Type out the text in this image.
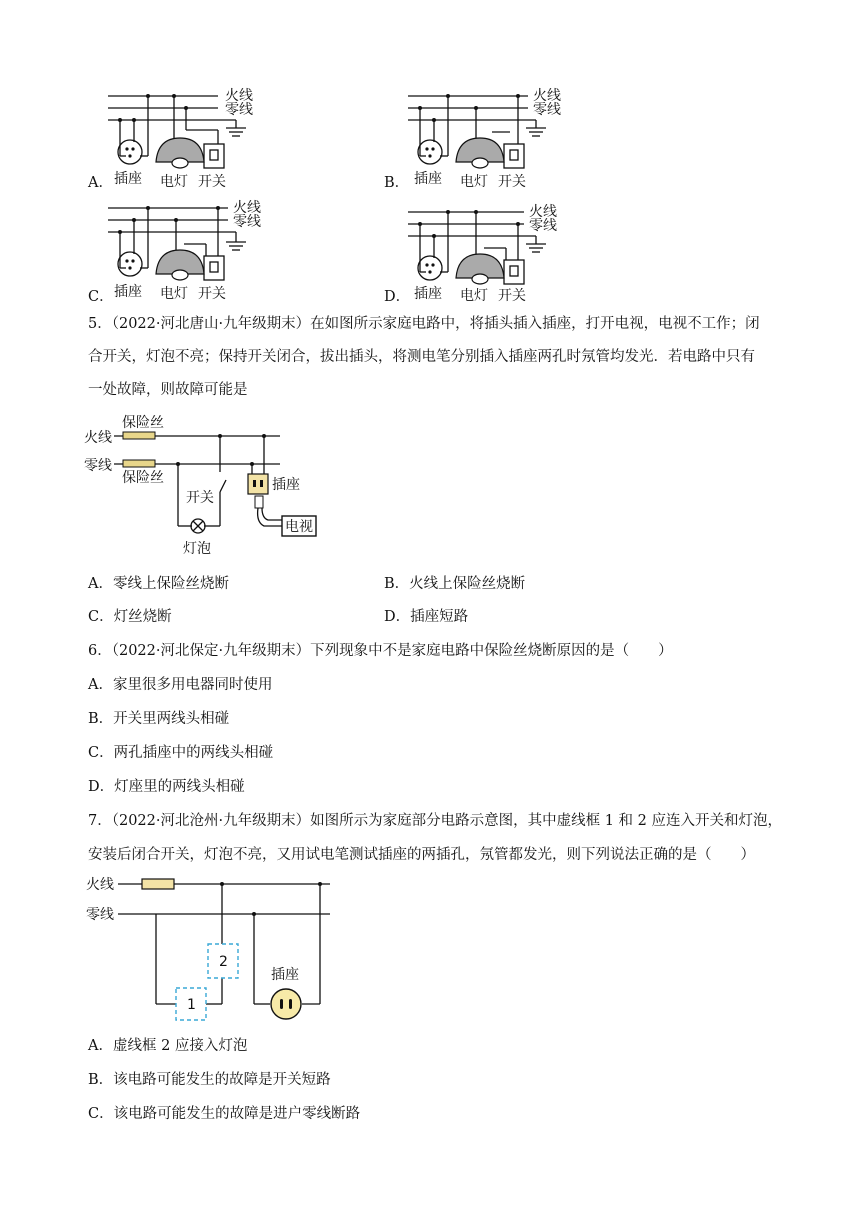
A．
火线
零线
插座 电灯 开关	B．
火线
零线
插座 电灯 开关
C．
火线
零线
插座 电灯 开关	D．
火线
零线
插座 电灯 开关
5．（2022·河北唐山·九年级期末）在如图所示家庭电路中，将插头插入插座，打开电视，电视不工作；闭
合开关，灯泡不亮；保持开关闭合，拔出插头，将测电笔分别插入插座两孔时氖管均发光．若电路中只有
一处故障，则故障可能是
火线
零线
保险丝
保险丝
开关
灯泡
插座
电视
A．零线上保险丝烧断	B．火线上保险丝烧断
C．灯丝烧断	D．插座短路
6．（2022·河北保定·九年级期末）下列现象中不是家庭电路中保险丝烧断原因的是（　　）
A．家里很多用电器同时使用
B．开关里两线头相碰
C．两孔插座中的两线头相碰
D．灯座里的两线头相碰
7．（2022·河北沧州·九年级期末）如图所示为家庭部分电路示意图，其中虚线框 1 和 2 应连入开关和灯泡，
安装后闭合开关，灯泡不亮，又用试电笔测试插座的两插孔，氖管都发光，则下列说法正确的是（　　）
火线
零线
1
2
插座
A．虚线框 2 应接入灯泡
B．该电路可能发生的故障是开关短路
C．该电路可能发生的故障是进户零线断路
